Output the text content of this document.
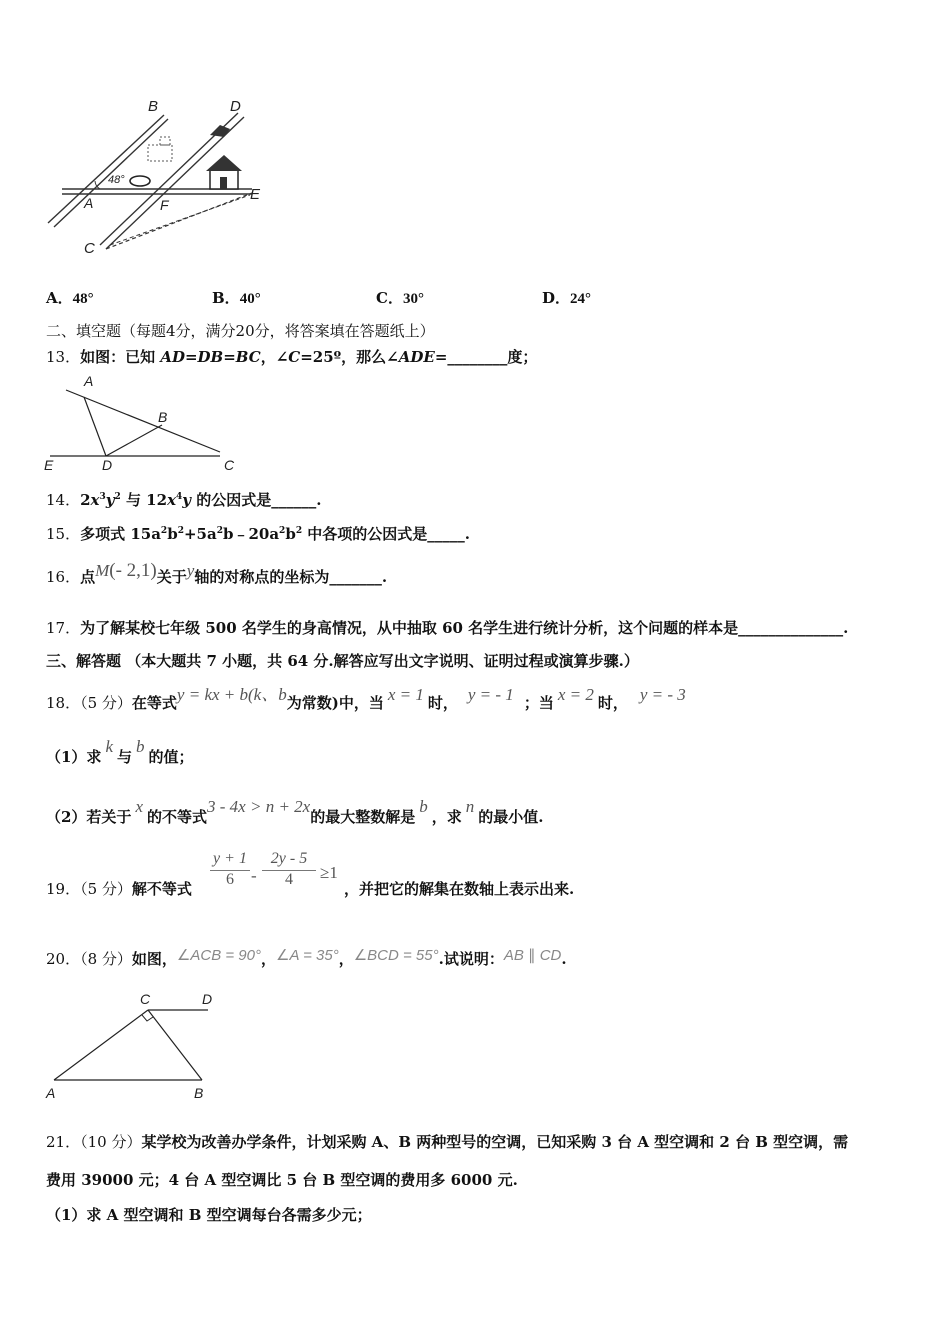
48°
B	D
A	F
E
C
A．48°	B．40°	C．30°	D．24°
二、填空题（每题4分，满分20分，将答案填在答题纸上）
13．如图：已知 AD=DB=BC，∠C=25º，那么∠ADE=________度；
A
B
E	D	C
14．$2x^3y^2$ 与 $12x^4y$ 的公因式是______.
15．多项式 $15a^2b^2+5a^2b﹣20a^2b^2$ 中各项的公因式是_____.
16．点M(- 2,1)关于y轴的对称点的坐标为_______.
17．为了解某校七年级 500 名学生的身高情况，从中抽取 60 名学生进行统计分析，这个问题的样本是______________.
三、解答题 （本大题共 7 小题，共 64 分.解答应写出文字说明、证明过程或演算步骤.）
18．（5 分）在等式y = kx + b(k、b为常数)中，当 x = 1 时， y = - 1 ；当 x = 2 时， y = - 3
（1）求k与b的值；
（2）若关于x的不等式3 - 4x > n + 2x的最大整数解是b，求n的最小值.
19．（5 分）解不等式 $\frac{y + 1}{6} - \frac{2y - 5}{4} \ge 1$
，并把它的解集在数轴上表示出来.
20．（8 分）如图，∠ACB = 90°，∠A = 35°，∠BCD = 55°.试说明：AB ∥ CD.
C	D
A	B
21．（10 分）某学校为改善办学条件，计划采购 A、B 两种型号的空调，已知采购 3 台 A 型空调和 2 台 B 型空调，需
费用 39000 元；4 台 A 型空调比 5 台 B 型空调的费用多 6000 元.
（1）求 A 型空调和 B 型空调每台各需多少元；
